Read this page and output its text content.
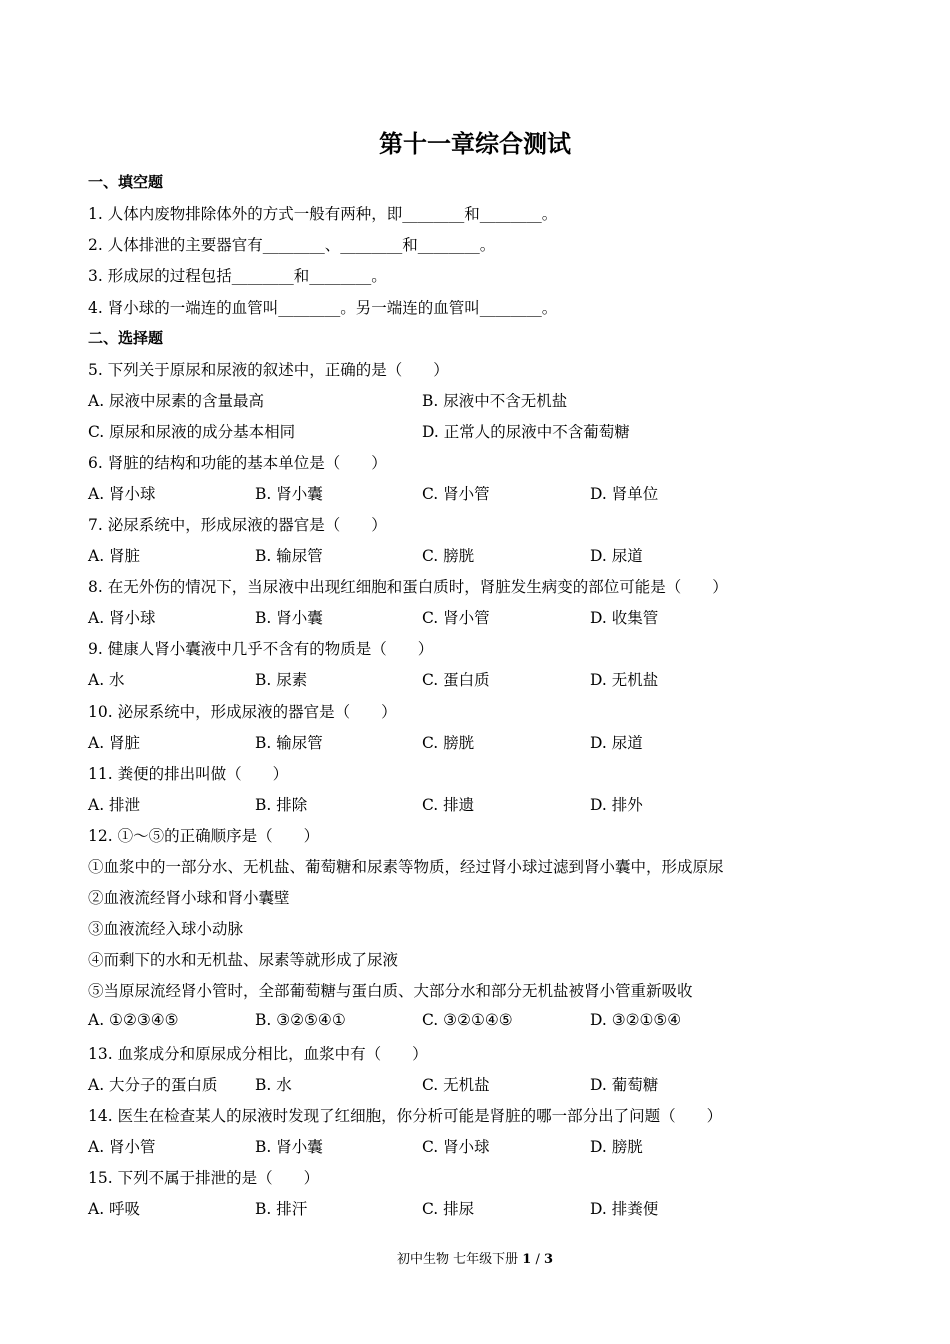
第十一章综合测试
一、填空题
1. 人体内废物排除体外的方式一般有两种，即________和________。
2. 人体排泄的主要器官有________、________和________。
3. 形成尿的过程包括________和________。
4. 肾小球的一端连的血管叫________。另一端连的血管叫________。
二、选择题
5. 下列关于原尿和尿液的叙述中，正确的是（　　）
A. 尿液中尿素的含量最高	B. 尿液中不含无机盐
C. 原尿和尿液的成分基本相同	D. 正常人的尿液中不含葡萄糖
6. 肾脏的结构和功能的基本单位是（　　）
A. 肾小球	B. 肾小囊	C. 肾小管	D. 肾单位
7. 泌尿系统中，形成尿液的器官是（　　）
A. 肾脏	B. 输尿管	C. 膀胱	D. 尿道
8. 在无外伤的情况下，当尿液中出现红细胞和蛋白质时，肾脏发生病变的部位可能是（　　）
A. 肾小球	B. 肾小囊	C. 肾小管	D. 收集管
9. 健康人肾小囊液中几乎不含有的物质是（　　）
A. 水	B. 尿素	C. 蛋白质	D. 无机盐
10. 泌尿系统中，形成尿液的器官是（　　）
A. 肾脏	B. 输尿管	C. 膀胱	D. 尿道
11. 粪便的排出叫做（　　）
A. 排泄	B. 排除	C. 排遗	D. 排外
12. ①～⑤的正确顺序是（　　）
①血浆中的一部分水、无机盐、葡萄糖和尿素等物质，经过肾小球过滤到肾小囊中，形成原尿
②血液流经肾小球和肾小囊壁
③血液流经入球小动脉
④而剩下的水和无机盐、尿素等就形成了尿液
⑤当原尿流经肾小管时，全部葡萄糖与蛋白质、大部分水和部分无机盐被肾小管重新吸收
A. ①②③④⑤	B. ③②⑤④①	C. ③②①④⑤	D. ③②①⑤④
13. 血浆成分和原尿成分相比，血浆中有（　　）
A. 大分子的蛋白质 B. 水	C. 无机盐	D. 葡萄糖
14. 医生在检查某人的尿液时发现了红细胞，你分析可能是肾脏的哪一部分出了问题（　　）
A. 肾小管	B. 肾小囊	C. 肾小球	D. 膀胱
15. 下列不属于排泄的是（　　）
A. 呼吸	B. 排汗	C. 排尿	D. 排粪便
初中生物 七年级下册 1 / 3
